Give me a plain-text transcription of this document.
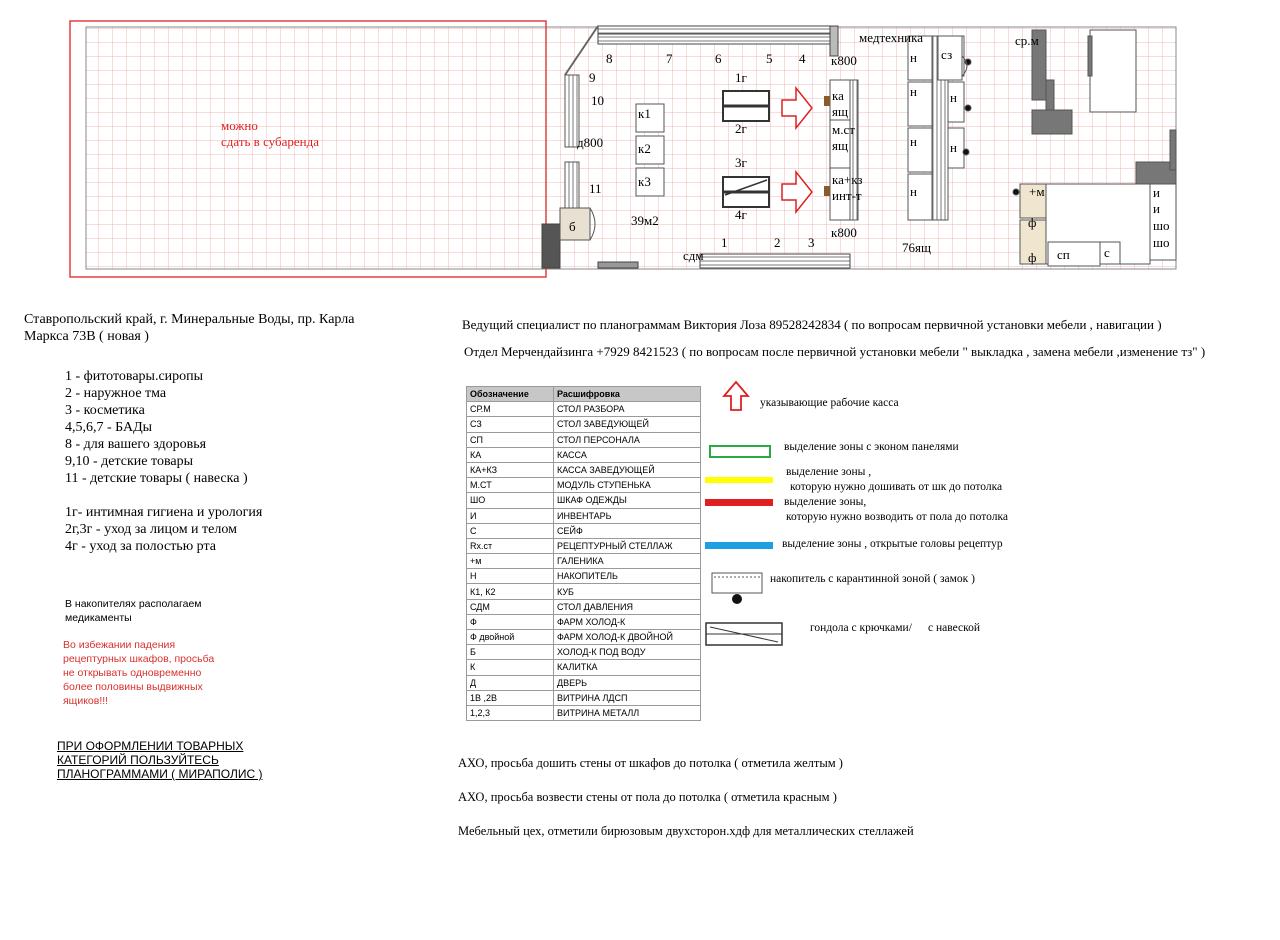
можно
сдать в субаренда
8	7	6	5 4
9
10
11
д800
к1
к2
к3
39м2
б
1г
2г
3г
4г
1	2 3
сдм
к800
к800
ка
ящ
м.ст
ящ
ка+кз
инт-т
медтехника
сз
н
н	н
н	н
н
76ящ
ср.м
+м
ф
ф сп	с
и
и
шо
шо
Ставропольский край, г. Минеральные Воды, пр. Карла
Маркса 73В ( новая )
1 - фитотовары.сиропы
2 - наружное тма
3 - косметика
4,5,6,7 - БАДы
8 - для вашего здоровья
9,10 - детские товары
11 - детские товары ( навеска )
1г- интимная гигиена и урология
2г,3г - уход за лицом и телом
4г - уход за полостью рта
В накопителях располагаем
медикаменты
Во избежании падения
рецептурных шкафов, просьба
не открывать одновременно
более половины выдвижных
ящиков!!!
ПРИ ОФОРМЛЕНИИ ТОВАРНЫХ
КАТЕГОРИЙ ПОЛЬЗУЙТЕСЬ
ПЛАНОГРАММАМИ ( МИРАПОЛИС )
Ведущий специалист по планограммам Виктория Лоза 89528242834 ( по вопросам первичной установки мебели , навигации )
Отдел Мерчендайзинга +7929 8421523 ( по вопросам после первичной установки мебели " выкладка , замена мебели ,изменение тз" )
Обозначение	Расшифровка
СР.М	СТОЛ РАЗБОРА
СЗ	СТОЛ ЗАВЕДУЮЩЕЙ
СП	СТОЛ ПЕРСОНАЛА
КА	КАССА
КА+КЗ	КАССА ЗАВЕДУЮЩЕЙ
М.СТ	МОДУЛЬ СТУПЕНЬКА
ШО	ШКАФ ОДЕЖДЫ
И	ИНВЕНТАРЬ
С	СЕЙФ
Rx.ст	РЕЦЕПТУРНЫЙ СТЕЛЛАЖ
+м	ГАЛЕНИКА
Н	НАКОПИТЕЛЬ
К1, К2	КУБ
СДМ	СТОЛ ДАВЛЕНИЯ
Ф	ФАРМ ХОЛОД-К
Ф двойной	ФАРМ ХОЛОД-К ДВОЙНОЙ
Б	ХОЛОД-К ПОД ВОДУ
К	КАЛИТКА
Д	ДВЕРЬ
1В ,2В	ВИТРИНА ЛДСП
1,2,3	ВИТРИНА МЕТАЛЛ
указывающие рабочие касса
выделение зоны с эконом панелями
выделение зоны ,
которую нужно дошивать от шк до потолка
выделение зоны,
которую нужно возводить от пола до потолка
выделение зоны , открытые головы рецептур
накопитель с карантинной зоной ( замок )
гондола с крючками/ с навеской
АХО, просьба дошить стены от шкафов до потолка ( отметила желтым )
АХО, просьба возвести стены от пола до потолка ( отметила красным )
Мебельный цех, отметили бирюзовым двухсторон.хдф для металлических стеллажей
